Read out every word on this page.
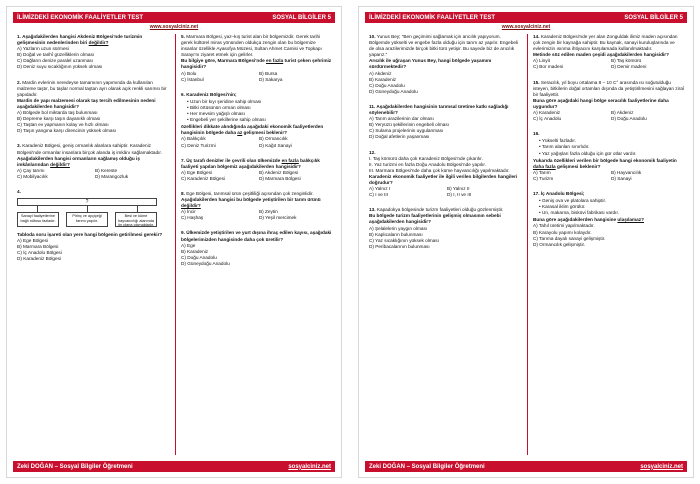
İLİMİZDEKİ EKONOMİK FAALİYETLER TEST	SOSYAL BİLGİLER 5
www.sosyalciniz.net

1. Aşağıdakilerden hangisi Akdeniz Bölgesi'nde turizmin gelişmesinin nedenlerinden biri değildir?

A) Yazların uzun sürmesi

B) Doğal ve tarihî güzelliklerin olması

C) Dağların denize paralel uzanması

D) Deniz suyu sıcaklığının yüksek olması

2. Mardin evlerinin neredeyse tamamının yapımında da kullanılan malzeme taştır, bu taşlar normal taştan ayrı olarak açık renkli sarımsı bir yapıdadır.

Mardin de yapı malzemesi olarak taş tercih edilmesinin nedeni aşağıdakilerden hangisidir?

A) Bölgede bol miktarda taş bulunması

B) Depreme karşı taşın dayanıklı olması

C) Taştan ev yapmanın kolay ve hızlı olması

D) Taşın yangına karşı direncinin yüksek olması

3. Karadeniz Bölgesi, geniş ormanlık alanlara sahiptir. Karadeniz Bölgesi'nde ormanlar insanlara birçok alanda iş imkânı sağlamaktadır.

Aşağıdakilerden hangisi ormanların sağlamış olduğu iş imkânlarından değildir?

A) Çay tarımı	B) Kereste
C) Mobilyacılık	D) Marangozluk

4.

?
Sanayi faaliyetlerine bağlı nüfusu fazladır.
Pirinç ve ayçiçeği tarımı yapılır.
Besi ve küme hayvancılığı alanında ön plana çıkmaktadır.

Tabloda soru işareti olan yere hangi bölgenin getirilmesi gerekir?

A) Ege Bölgesi

B) Marmara Bölgesi

C) İç Anadolu Bölgesi

D) Karadeniz Bölgesi

5. Marmara Bölgesi, yaz–kış turist alan bir bölgemizdir. Gerek tarihi gerek kültürel miras yönünden oldukça zengin olan bu bölgemize insanlar özellikle Ayasofya Müzesi, Sultan Ahmet Camisi ve Topkapı Sarayı'nı ziyaret etmek için gelirler.

Bu bilgiye göre, Marmara Bölgesi'nde en fazla turist çeken şehrimiz hangisidir?

A) Bolu	B) Bursa
C) İstanbul	D) Sakarya

6. Karadeniz Bölgesi'nin;

• Uzun bir kıyı şeridine sahip olması
• Bitki örtüsünün orman olması
• Her mevsim yağışlı olması
• Engebeli yer şekillerine sahip olması

özellikleri dikkate alındığında aşağıdaki ekonomik faaliyetlerden hangisinin bölgede daha az gelişmesi beklenir?

A) Balıkçılık	B) Ormancılık
C) Deniz Turizmi	D) Kağıt Sanayi

7. Üç tarafı denizler ile çevrili olan ülkemizde en fazla balıkçılık faaliyeti yapılan bölgemiz aşağıdakilerden hangisidir?

A) Ege Bölgesi	B) Akdeniz Bölgesi
C) Karadeniz Bölgesi	D) Marmara Bölgesi

8. Ege Bölgesi, tarımsal ürün çeşitliliği açısından çok zenginlidir.

Aşağıdakilerden hangisi bu bölgede yetiştirilen bir tarım ürünü değildir?

A) İncir	B) Zeytin
C) Haşhaş	D) Yeşil mercimek

9. Ülkemizde yetiştirilen ve yurt dışına ihraç edilen kayısı, aşağıdaki bölgelerimizden hangisinde daha çok üretilir?

A) Ege

B) Karadeniz

C) Doğu Anadolu

D) Güneydoğu Anadolu

Zeki DOĞAN – Sosyal Bilgiler Öğretmeni	sosyalciniz.net
İLİMİZDEKİ EKONOMİK FAALİYETLER TEST	SOSYAL BİLGİLER 5
www.sosyalciniz.net

10. Yunus Bey; "Ben geçimimi sağlamak için arıcılık yapıyorum. Bölgemde yükselti ve engebe fazla olduğu için tarım az yapılır. Engebeli de olsa arazilerimizde birçok bitki türü yetişir. Bu sayede biz de arıcılık yaparız."

Arıcılık ile uğraşan Yunus Bey, hangi bölgede yaşamını sürdürmektedir?

A) Akdeniz

B) Karadeniz

C) Doğu Anadolu

D) Güneydoğu Anadolu

11. Aşağıdakilerden hangisinin tarımsal üretime katkı sağladığı söylenebilir?

A) Tarım arazilerinin dar olması

B) Yeryüzü şekillerinin engebeli olması

C) Sulama projelerinin uygulanması

D) Doğal afetlerin yaşanması

12.

I. Taş kömürü daha çok Karadeniz Bölgesi'nde çıkarılır.

II. Yaz turizmi en fazla Doğu Anadolu Bölgesi'nde yapılır.

III. Marmara Bölgesi'nde daha çok küme hayvancılığı yapılmaktadır.

Karadeniz ekonomik faaliyetler ile ilgili verilen bilgilerden hangileri doğrudur?

A) Yalnız I	B) Yalnız II
C) I ve III	D) I, II ve III

13. Kapadokya bölgesinde turizm faaliyetleri olduğu gözlenmiştir.

Bu bölgede turizm faaliyetlerinin gelişmiş olmasının sebebi aşağıdakilerden hangisidir?

A) Şelalelerin yaygın olması

B) Kaplıcaların bulunması

C) Yaz sıcaklığının yüksek olması

D) Peribacalarının bulunması

14. Karadeniz Bölgesi'nde yer alan Zonguldak ilimiz maden açısından çok zengin bir kaynağa sahiptir. Bu kaynak, sanayi kuruluşlarında ve evlerimizin ısınma ihtiyacını karşılamada kullanılmaktadır.

Metinde söz edilen maden çeşidi aşağıdakilerden hangisidir?

A) Linyit	B) Taş kömürü
C) Bor madeni	D) Demir madeni

15. Seracılık, yıl boyu ortalama 8 – 10 C° arasında ısı soğutulduğu isteyen, bitkilerin doğal ortamları dışında da yetiştirilmesini sağlayan ziraî bir faaliyettir.

Buna göre aşağıdaki hangi bölge seracılık faaliyetlerine daha uygundur?

A) Karadeniz	B) Akdeniz
C) İç Anadolu	D) Doğu Anadolu

16.

• Yükselti fazladır.
• Tarım alanları sınırlıdır.
• Yaz yağışları fazla olduğu için gür otlar vardır.

Yukarıda özellikleri verilen bir bölgede hangi ekonomik faaliyetin daha fazla gelişmesi beklenir?

A) Tarım	B) Hayvancılık
C) Turizm	D) Sanayi

17. İç Anadolu Bölgesi;

• Geniş ova ve platolara sahiptir.
• Karasal iklim görülür.
• Un, makarna, bisküvi fabrikası vardır.

Buna göre aşağıdakilerden hangisine ulaşılamaz?

A) Tahıl üretimi yapılmaktadır.

B) Karayolu yapımı kolaydır.

C) Tarıma dayalı sanayi gelişmiştir.

D) Ormancılık gelişmiştir.

Zeki DOĞAN – Sosyal Bilgiler Öğretmeni	sosyalciniz.net
